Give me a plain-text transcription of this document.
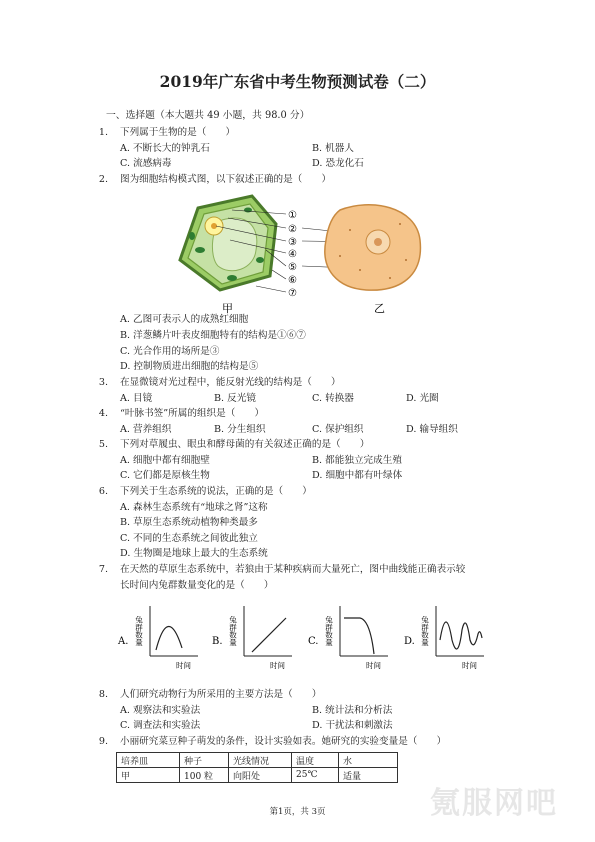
2019年广东省中考生物预测试卷（二）
一、选择题（本大题共 49 小题，共 98.0 分）
1. 下列属于生物的是（　　）
A. 不断长大的钟乳石	B. 机器人
C. 流感病毒	D. 恐龙化石
2. 图为细胞结构模式图，以下叙述正确的是（　　）
甲
①
②
③
④
⑤
⑥
⑦
乙
A. 乙图可表示人的成熟红细胞
B. 洋葱鳞片叶表皮细胞特有的结构是①⑥⑦
C. 光合作用的场所是③
D. 控制物质进出细胞的结构是⑤
3. 在显微镜对光过程中，能反射光线的结构是（　　）
A. 目镜	B. 反光镜	C. 转换器	D. 光圈
4. “叶脉书签”所属的组织是（　　）
A. 营养组织	B. 分生组织	C. 保护组织	D. 输导组织
5. 下列对草履虫、眼虫和酵母菌的有关叙述正确的是（　　）
A. 细胞中都有细胞壁	B. 都能独立完成生殖
C. 它们都是原核生物	D. 细胞中都有叶绿体
6. 下列关于生态系统的说法，正确的是（　　）
A. 森林生态系统有“地球之肾”这称
B. 草原生态系统动植物种类最多
C. 不同的生态系统之间彼此独立
D. 生物圈是地球上最大的生态系统
7. 在天然的草原生态系统中，若狼由于某种疾病而大量死亡，图中曲线能正确表示较
长时间内兔群数量变化的是（　　）
A.	B.	C.	D.
兔群数量	兔群数量	兔群数量	兔群数量
时间	时间	时间	时间
8. 人们研究动物行为所采用的主要方法是（　　）
A. 观察法和实验法	B. 统计法和分析法
C. 调查法和实验法	D. 干扰法和刺激法
9. 小丽研究菜豆种子萌发的条件，设计实验如表。她研究的实验变量是（　　）
培养皿	种子	光线情况	温度	水
甲	100 粒	向阳处	25℃	适量
氪服网吧
第1页，共 3页
